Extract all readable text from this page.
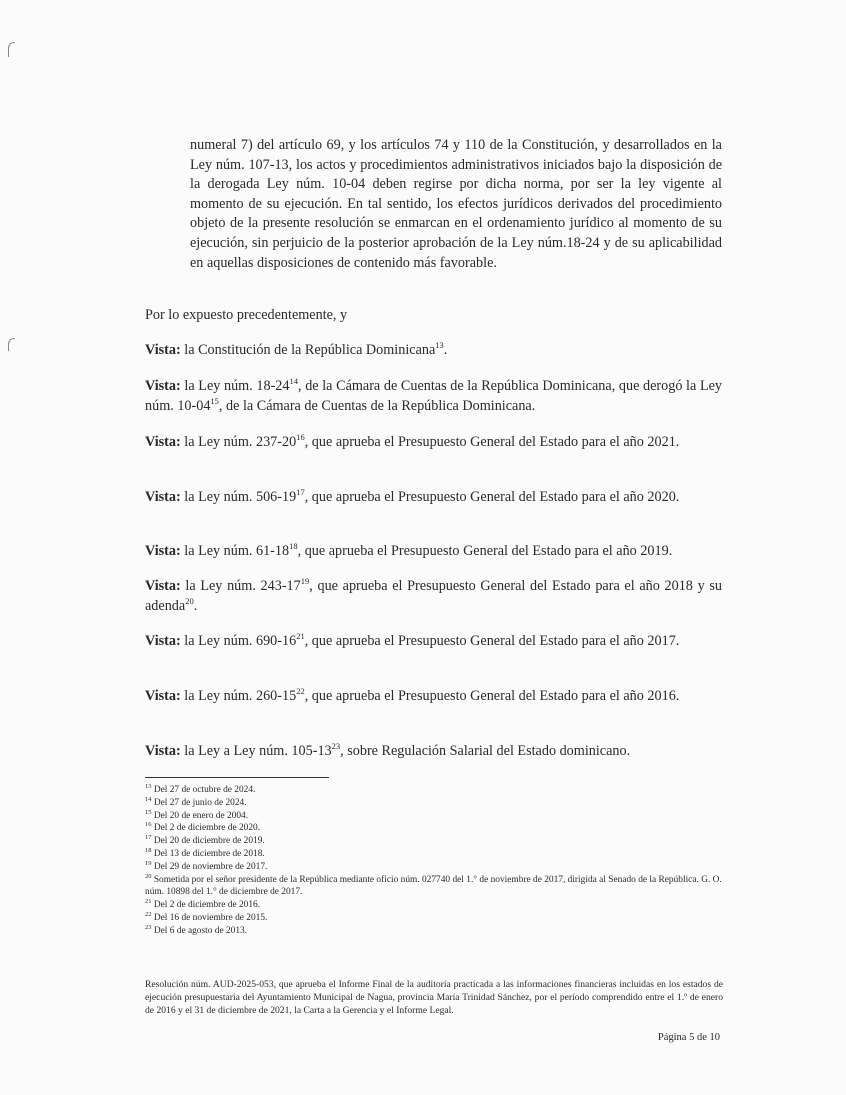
numeral 7) del artículo 69, y los artículos 74 y 110 de la Constitución, y desarrollados en la Ley núm. 107-13, los actos y procedimientos administrativos iniciados bajo la disposición de la derogada Ley núm. 10-04 deben regirse por dicha norma, por ser la ley vigente al momento de su ejecución. En tal sentido, los efectos jurídicos derivados del procedimiento objeto de la presente resolución se enmarcan en el ordenamiento jurídico al momento de su ejecución, sin perjuicio de la posterior aprobación de la Ley núm.18-24 y de su aplicabilidad en aquellas disposiciones de contenido más favorable.
Por lo expuesto precedentemente, y
Vista: la Constitución de la República Dominicana$^{13}$.
Vista: la Ley núm. $18-24^{14}$, de la Cámara de Cuentas de la República Dominicana, que derogó la Ley núm. $10-04^{15}$, de la Cámara de Cuentas de la República Dominicana.
Vista: la Ley núm. $237-20^{16}$, que aprueba el Presupuesto General del Estado para el año 2021.
Vista: la Ley núm. $506-19^{17}$, que aprueba el Presupuesto General del Estado para el año 2020.
Vista: la Ley núm. $61-18^{18}$, que aprueba el Presupuesto General del Estado para el año 2019.
Vista: la Ley núm. $243-17^{19}$, que aprueba el Presupuesto General del Estado para el año 2018 y su adenda$^{20}$.
Vista: la Ley núm. $690-16^{21}$, que aprueba el Presupuesto General del Estado para el año 2017.
Vista: la Ley núm. $260-15^{22}$, que aprueba el Presupuesto General del Estado para el año 2016.
Vista: la Ley a Ley núm. $105-13^{23}$, sobre Regulación Salarial del Estado dominicano.
$^{13}$ Del 27 de octubre de 2024.
$^{14}$ Del 27 de junio de 2024.
$^{15}$ Del 20 de enero de 2004.
$^{16}$ Del 2 de diciembre de 2020.
$^{17}$ Del 20 de diciembre de 2019.
$^{18}$ Del 13 de diciembre de 2018.
$^{19}$ Del 29 de noviembre de 2017.
$^{20}$ Sometida por el señor presidente de la República mediante oficio núm. 027740 del 1.° de noviembre de 2017, dirigida al Senado de la República. G. O. núm. 10898 del 1.° de diciembre de 2017.
$^{21}$ Del 2 de diciembre de 2016.
$^{22}$ Del 16 de noviembre de 2015.
$^{23}$ Del 6 de agosto de 2013.
Resolución núm. AUD-2025-053, que aprueba el Informe Final de la auditoría practicada a las informaciones financieras incluidas en los estados de ejecución presupuestaria del Ayuntamiento Municipal de Nagua, provincia María Trinidad Sánchez, por el período comprendido entre el 1.º de enero de 2016 y el 31 de diciembre de 2021, la Carta a la Gerencia y el Informe Legal.
Página 5 de 10
